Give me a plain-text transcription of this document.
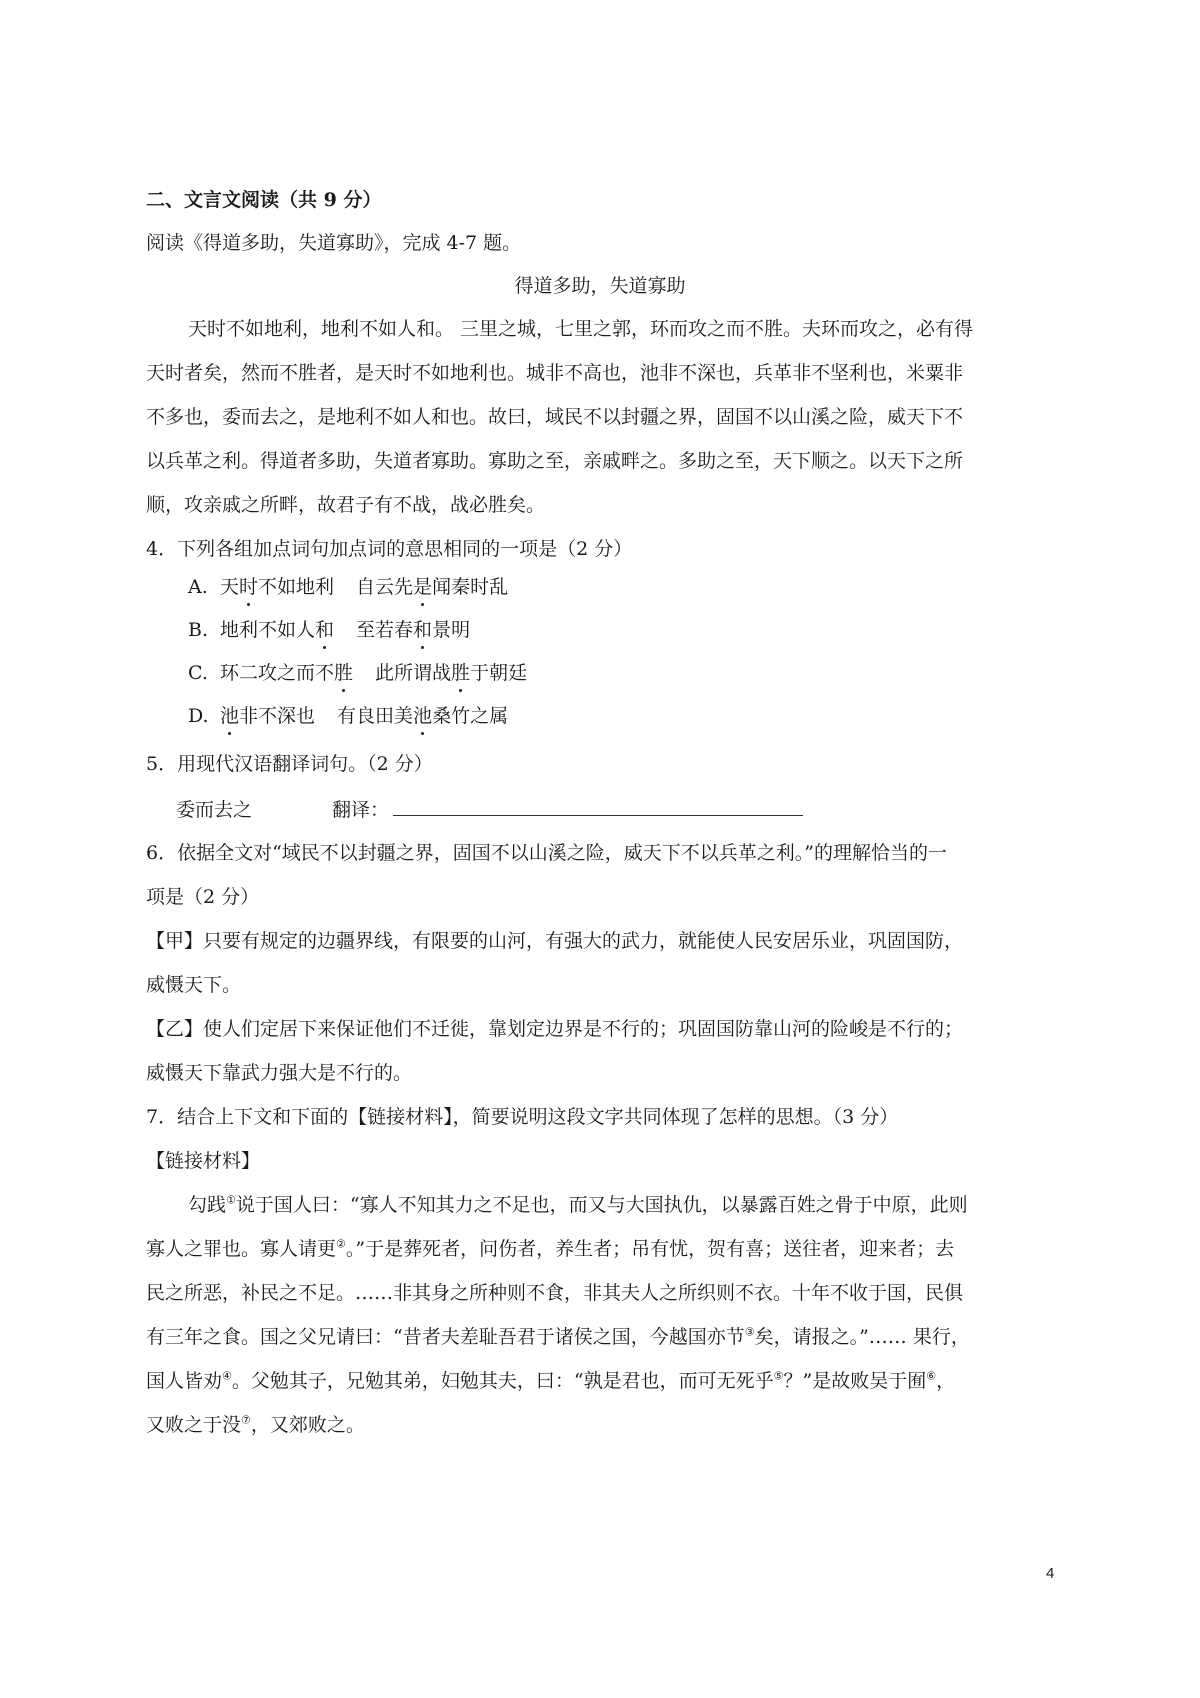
二、文言文阅读（共 9 分）
阅读《得道多助，失道寡助》，完成 4-7 题。
得道多助，失道寡助
天时不如地利，地利不如人和。 三里之城，七里之郭，环而攻之而不胜。夫环而攻之，必有得
天时者矣，然而不胜者，是天时不如地利也。城非不高也，池非不深也，兵革非不坚利也，米粟非
不多也，委而去之，是地利不如人和也。故曰，域民不以封疆之界，固国不以山溪之险，威天下不
以兵革之利。得道者多助，失道者寡助。寡助之至，亲戚畔之。多助之至，天下顺之。以天下之所
顺，攻亲戚之所畔，故君子有不战，战必胜矣。
4．下列各组加点词句加点词的意思相同的一项是（2 分）
A. 天时不如地利 自云先是闻秦时乱
B. 地利不如人和 至若春和景明
C. 环二攻之而不胜 此所谓战胜于朝廷
D. 池非不深也 有良田美池桑竹之属
5．用现代汉语翻译词句。（2 分）
委而去之	翻译：
6．依据全文对“域民不以封疆之界，固国不以山溪之险，威天下不以兵革之利。”的理解恰当的一
项是（2 分）
【甲】只要有规定的边疆界线，有限要的山河，有强大的武力，就能使人民安居乐业，巩固国防，
威慑天下。
【乙】使人们定居下来保证他们不迁徙，靠划定边界是不行的；巩固国防靠山河的险峻是不行的；
威慑天下靠武力强大是不行的。
7．结合上下文和下面的【链接材料】，简要说明这段文字共同体现了怎样的思想。（3 分）
【链接材料】
勾践①说于国人曰：“寡人不知其力之不足也，而又与大国执仇，以暴露百姓之骨于中原，此则
寡人之罪也。寡人请更②。”于是葬死者，问伤者，养生者；吊有忧，贺有喜；送往者，迎来者；去
民之所恶，补民之不足。……非其身之所种则不食，非其夫人之所织则不衣。十年不收于国，民俱
有三年之食。国之父兄请曰：“昔者夫差耻吾君于诸侯之国，今越国亦节③矣，请报之。”…… 果行，
国人皆劝④。父勉其子，兄勉其弟，妇勉其夫，曰：“孰是君也，而可无死乎⑤？”是故败吴于囿⑥，
又败之于没⑦，又郊败之。
4
